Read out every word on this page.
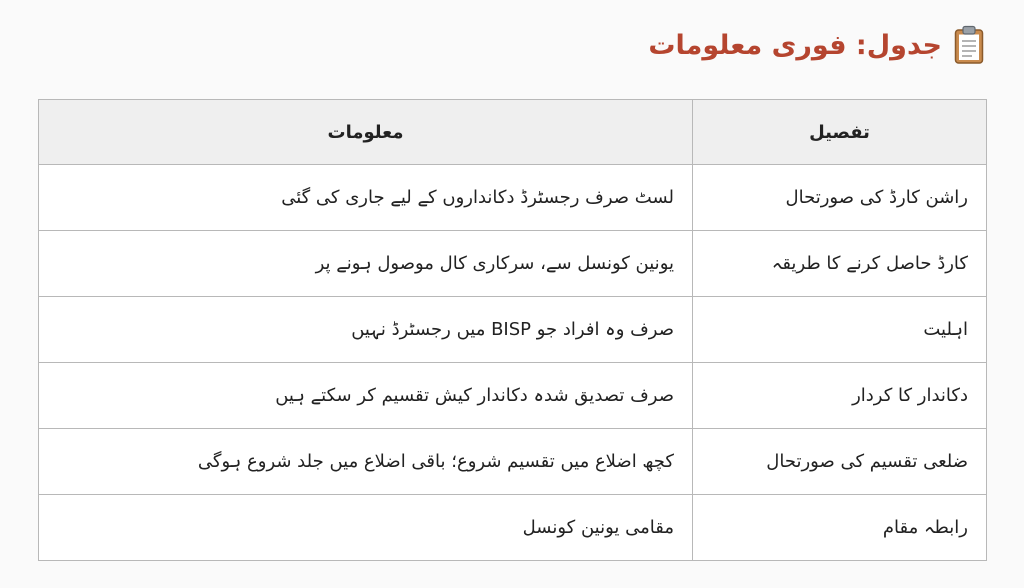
جدول: فوری معلومات
تفصیل	معلومات
راشن کارڈ کی صورتحال	لسٹ صرف رجسٹرڈ دکانداروں کے لیے جاری کی گئی
کارڈ حاصل کرنے کا طریقہ	یونین کونسل سے، سرکاری کال موصول ہونے پر
اہلیت	صرف وہ افراد جو BISP میں رجسٹرڈ نہیں
دکاندار کا کردار	صرف تصدیق شدہ دکاندار کیش تقسیم کر سکتے ہیں
ضلعی تقسیم کی صورتحال	کچھ اضلاع میں تقسیم شروع؛ باقی اضلاع میں جلد شروع ہوگی
رابطہ مقام	مقامی یونین کونسل
